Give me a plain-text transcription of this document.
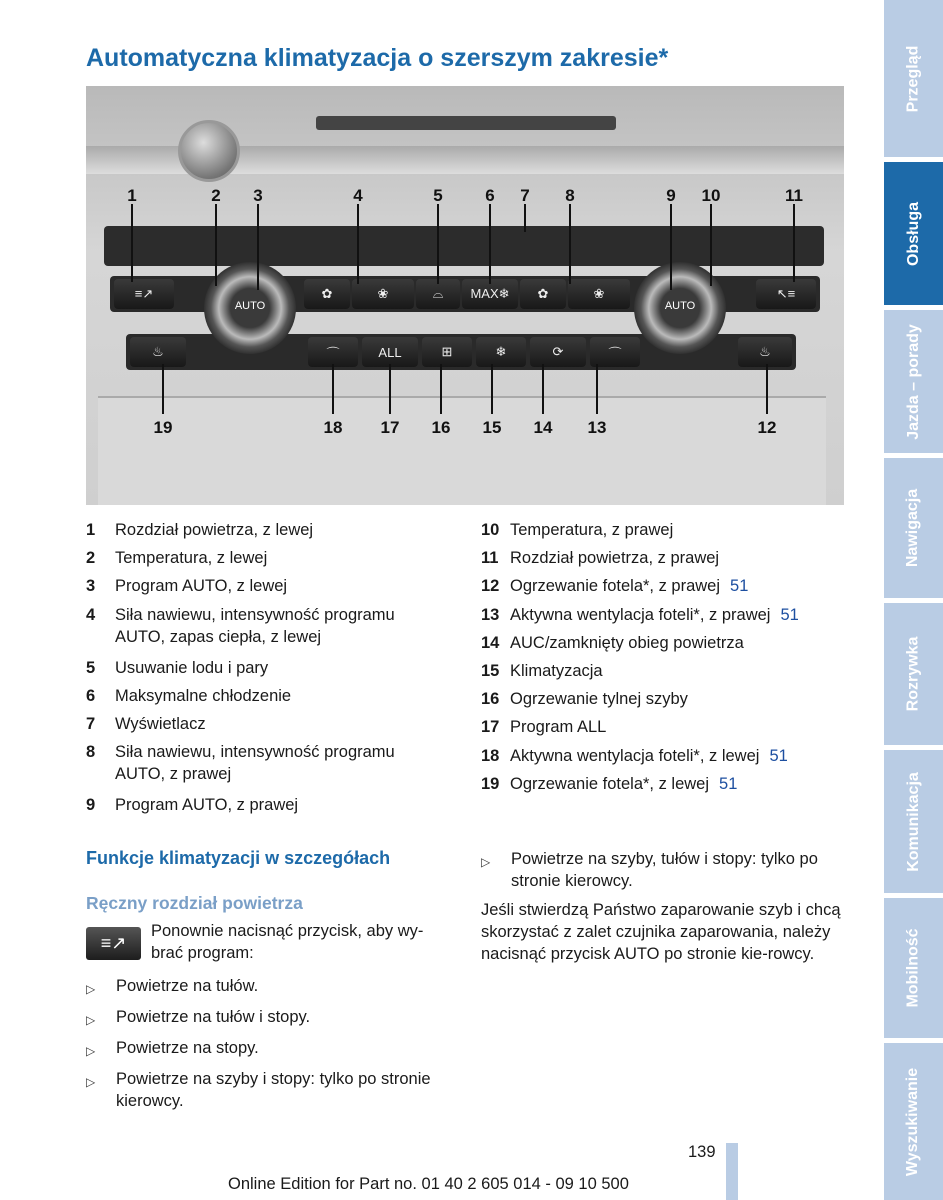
Automatyczna klimatyzacja o szerszym zakresie*
≡↗	✿	❀	⌓	MAX❄	✿	❀	↖≡
♨	⌒	ALL	⊞	❄	⟳	⌒	♨
AUTO	AUTO
1	2 3	4	5	6 7 8	9 10	11
19	18 17 16 15 14 13	12
1	Rozdział powietrza, z lewej
2	Temperatura, z lewej
3	Program AUTO, z lewej
4	Siła nawiewu, intensywność programu AUTO, zapas ciepła, z lewej
5	Usuwanie lodu i pary
6	Maksymalne chłodzenie
7	Wyświetlacz
8	Siła nawiewu, intensywność programu AUTO, z prawej
9	Program AUTO, z prawej
10 Temperatura, z prawej
11 Rozdział powietrza, z prawej
12 Ogrzewanie fotela*, z prawej 51
13 Aktywna wentylacja foteli*, z prawej 51
14 AUC/zamknięty obieg powietrza
15 Klimatyzacja
16 Ogrzewanie tylnej szyby
17 Program ALL
18 Aktywna wentylacja foteli*, z lewej 51
19 Ogrzewanie fotela*, z lewej 51
Funkcje klimatyzacji w szczegółach
Ręczny rozdział powietrza
≡↗
Ponownie nacisnąć przycisk, aby wy-brać program:
▷	Powietrze na tułów.
▷	Powietrze na tułów i stopy.
▷	Powietrze na stopy.
▷	Powietrze na szyby i stopy: tylko po stronie kierowcy.
▷	Powietrze na szyby, tułów i stopy: tylko po stronie kierowcy.
Jeśli stwierdzą Państwo zaparowanie szyb i chcą skorzystać z zalet czujnika zaparowania, należy nacisnąć przycisk AUTO po stronie kie-rowcy.
139
Online Edition for Part no. 01 40 2 605 014 - 09 10 500
Przegląd
Obsługa
Jazda – porady
Nawigacja
Rozrywka
Komunikacja
Mobilność
Wyszukiwanie
